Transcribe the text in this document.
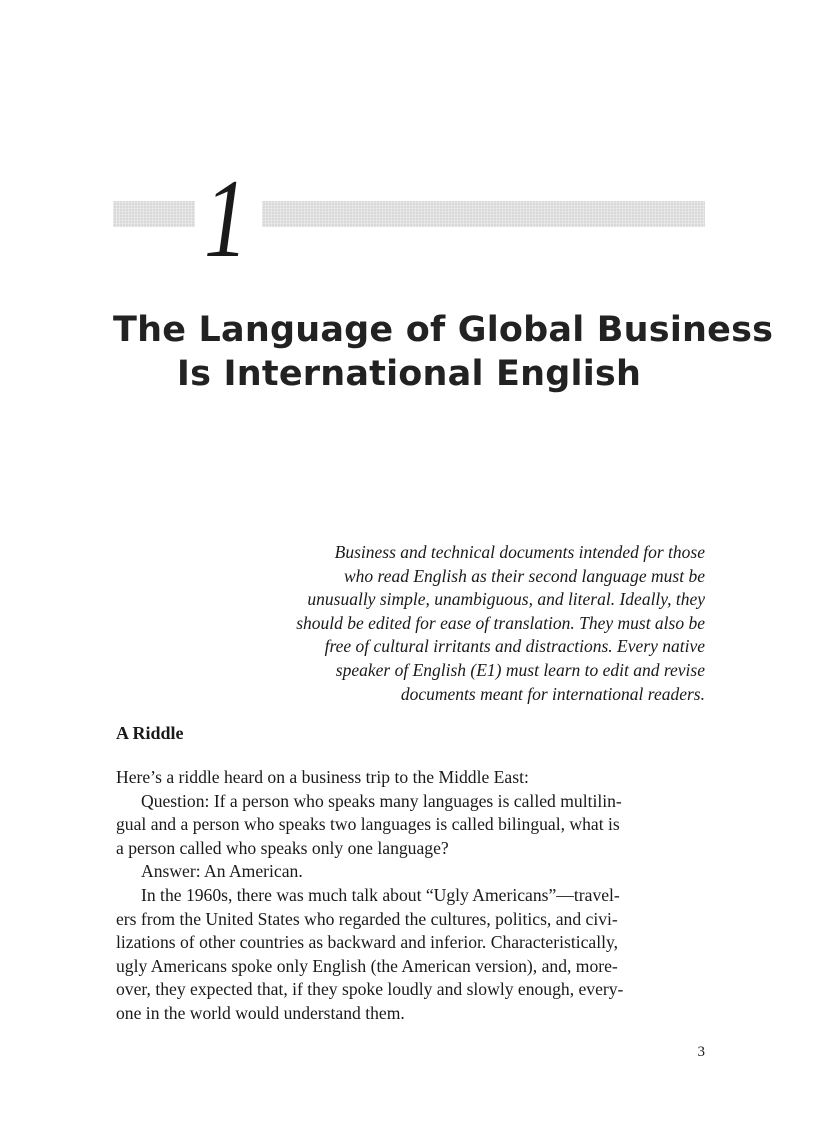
1
The Language of Global Business
Is International English
Business and technical documents intended for those
who read English as their second language must be
unusually simple, unambiguous, and literal. Ideally, they
should be edited for ease of translation. They must also be
free of cultural irritants and distractions. Every native
speaker of English (E1) must learn to edit and revise
documents meant for international readers.
A Riddle
Here’s a riddle heard on a business trip to the Middle East:
Question: If a person who speaks many languages is called multilin-
gual and a person who speaks two languages is called bilingual, what is
a person called who speaks only one language?
Answer: An American.
In the 1960s, there was much talk about “Ugly Americans”—travel-
ers from the United States who regarded the cultures, politics, and civi-
lizations of other countries as backward and inferior. Characteristically,
ugly Americans spoke only English (the American version), and, more-
over, they expected that, if they spoke loudly and slowly enough, every-
one in the world would understand them.
3
